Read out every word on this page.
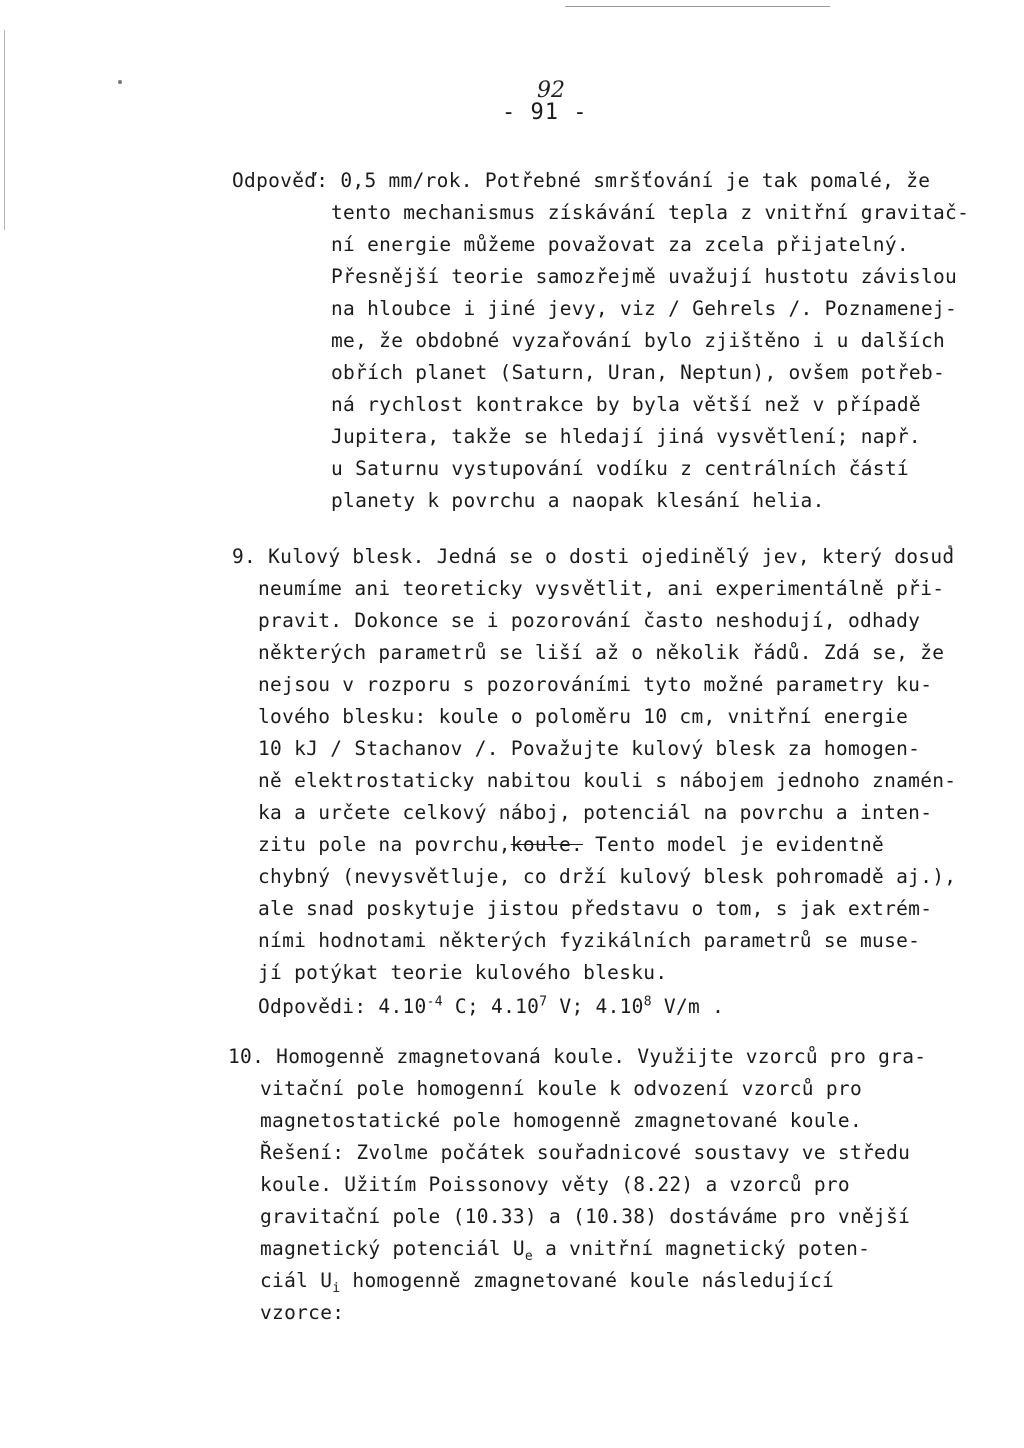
92
- 91 -
Odpověď: 0,5 mm/rok. Potřebné smršťování je tak pomalé, že
tento mechanismus získávání tepla z vnitřní gravitač-
ní energie můžeme považovat za zcela přijatelný.
Přesnější teorie samozřejmě uvažují hustotu závislou
na hloubce i jiné jevy, viz / Gehrels /. Poznamenej-
me, že obdobné vyzařování bylo zjištěno i u dalších
obřích planet (Saturn, Uran, Neptun), ovšem potřeb-
ná rychlost kontrakce by byla větší než v případě
Jupitera, takže se hledají jiná vysvětlení; např.
u Saturnu vystupování vodíku z centrálních částí
planety k povrchu a naopak klesání helia.
9. Kulový blesk. Jedná se o dosti ojedinělý jev, který dosud
neumíme ani teoreticky vysvětlit, ani experimentálně při-
pravit. Dokonce se i pozorování často neshodují, odhady
některých parametrů se liší až o několik řádů. Zdá se, že
nejsou v rozporu s pozorováními tyto možné parametry ku-
lového blesku: koule o poloměru 10 cm, vnitřní energie
10 kJ / Stachanov /. Považujte kulový blesk za homogen-
ně elektrostaticky nabitou kouli s nábojem jednoho znamén-
ka a určete celkový náboj, potenciál na povrchu a inten-
zitu pole na povrchu,koule. Tento model je evidentně
chybný (nevysvětluje, co drží kulový blesk pohromadě aj.),
ale snad poskytuje jistou představu o tom, s jak extrém-
ními hodnotami některých fyzikálních parametrů se muse-
jí potýkat teorie kulového blesku.
Odpovědi: $4.10^{-4}$ C; 4.10$^7$ V; 4.10$^8$ V/m .
10. Homogenně zmagnetovaná koule. Využijte vzorců pro gra-
vitační pole homogenní koule k odvození vzorců pro
magnetostatické pole homogenně zmagnetované koule.
Řešení: Zvolme počátek souřadnicové soustavy ve středu
koule. Užitím Poissonovy věty (8.22) a vzorců pro
gravitační pole (10.33) a (10.38) dostáváme pro vnější
magnetický potenciál $U_e$ a vnitřní magnetický poten-
ciál $U_i$ homogenně zmagnetované koule následující
vzorce:
